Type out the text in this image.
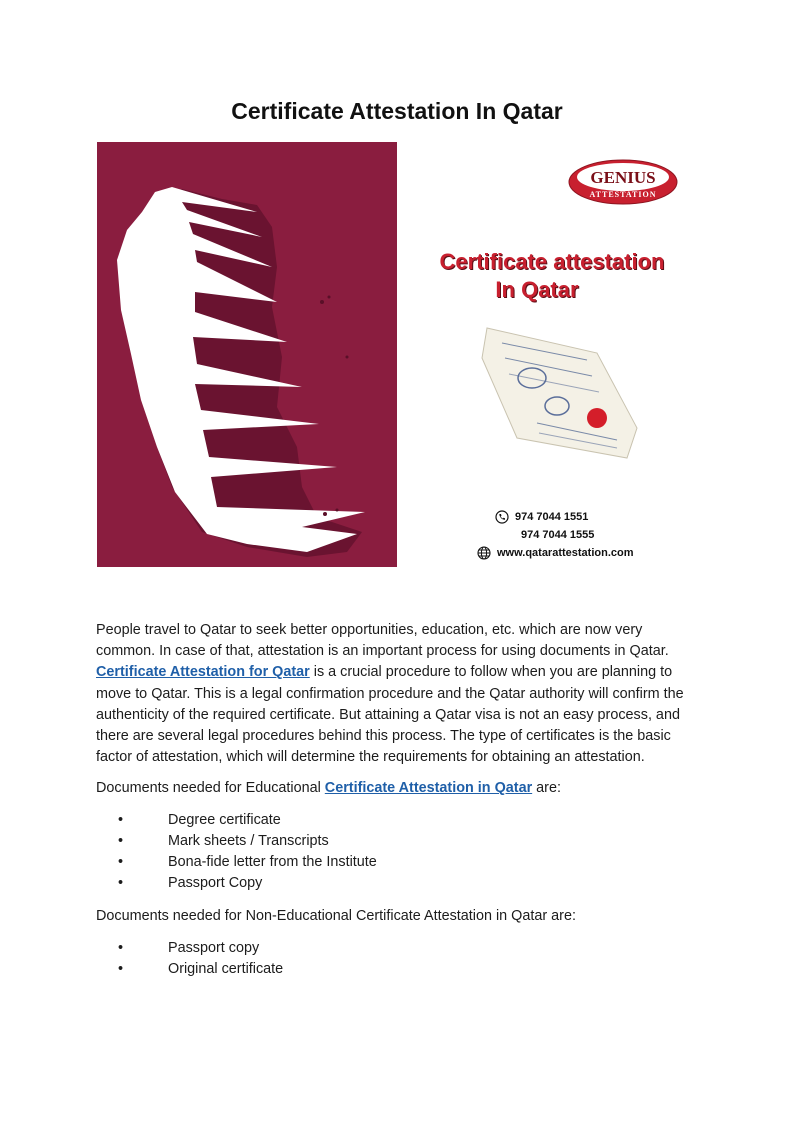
Certificate Attestation In Qatar
GENIUS
ATTESTATION
Certificate attestation
In Qatar
974 7044 1551
974 7044 1555
www.qatarattestation.com

People travel to Qatar to seek better opportunities, education, etc. which are now very common. In case of that, attestation is an important process for using documents in Qatar. Certificate Attestation for Qatar is a crucial procedure to follow when you are planning to move to Qatar. This is a legal confirmation procedure and the Qatar authority will confirm the authenticity of the required certificate. But attaining a Qatar visa is not an easy process, and there are several legal procedures behind this process. The type of certificates is the basic factor of attestation, which will determine the requirements for obtaining an attestation.

Documents needed for Educational Certificate Attestation in Qatar are:

•	Degree certificate
•	Mark sheets / Transcripts
•	Bona-fide letter from the Institute
•	Passport Copy

Documents needed for Non-Educational Certificate Attestation in Qatar are:

•	Passport copy
•	Original certificate
